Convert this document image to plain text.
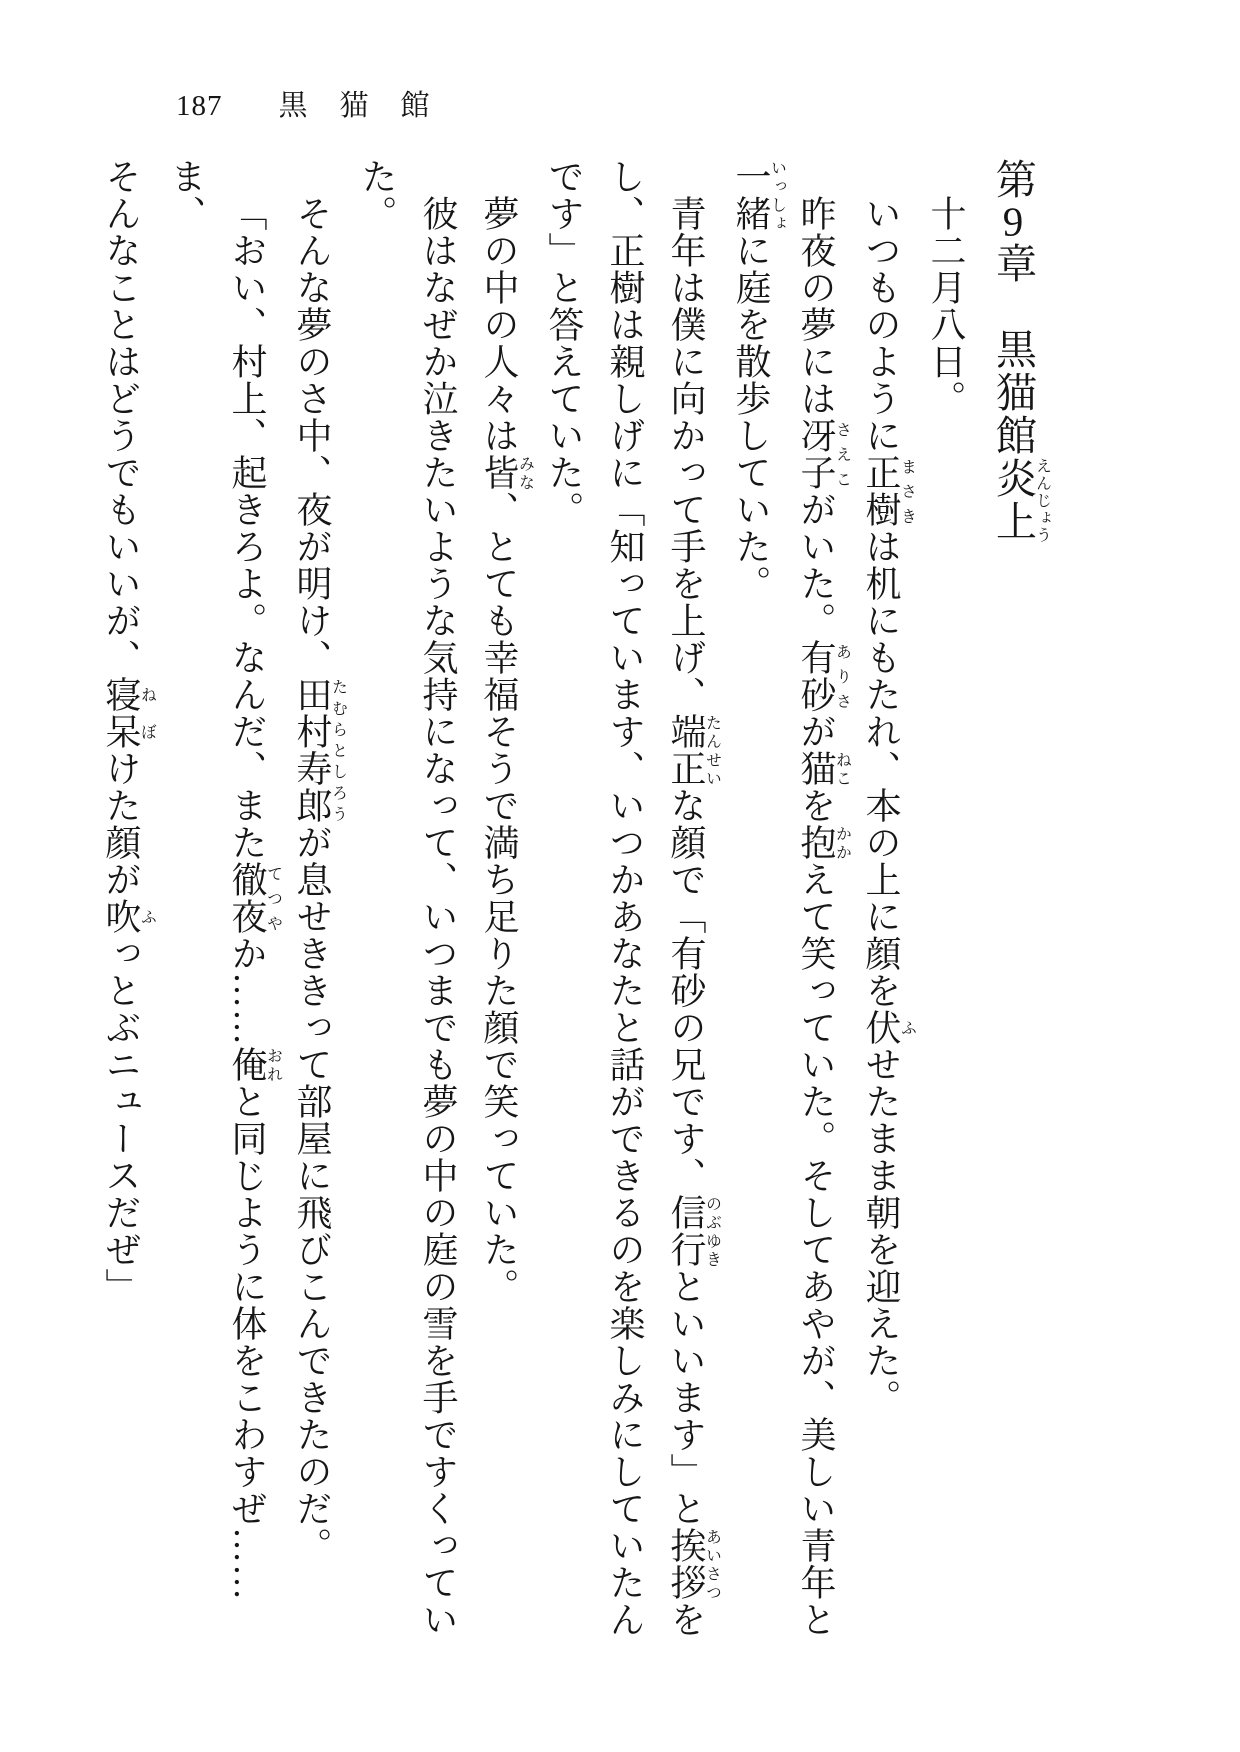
187 黒猫館

第9章　黒猫館炎上えんじょう

十二月八日。

いつものように正樹まさきは机にもたれ、本の上に顔を伏ふせたまま朝を迎えた。

昨夜の夢には冴子さえこがいた。有砂ありさが猫ねこを抱かかえて笑っていた。そしてあやが、美しい青年と

一緒いっしょに庭を散歩していた。

青年は僕に向かって手を上げ、端正たんせいな顔で「有砂の兄です、信行のぶゆきといいます」と挨拶あいさつを

し、正樹は親しげに「知っています、いつかあなたと話ができるのを楽しみにしていたん

です」と答えていた。

夢の中の人々は皆みな、とても幸福そうで満ち足りた顔で笑っていた。

彼はなぜか泣きたいような気持になって、いつまでも夢の中の庭の雪を手ですくってい

た。

そんな夢のさ中、夜が明け、田村寿郎たむらとしろうが息せききって部屋に飛びこんできたのだ。

「おい、村上、起きろよ。なんだ、また徹夜てつやか……俺おれと同じように体をこわすぜ……ま、

そんなことはどうでもいいが、寝呆ねぼけた顔が吹ふっとぶニュースだぜ」
